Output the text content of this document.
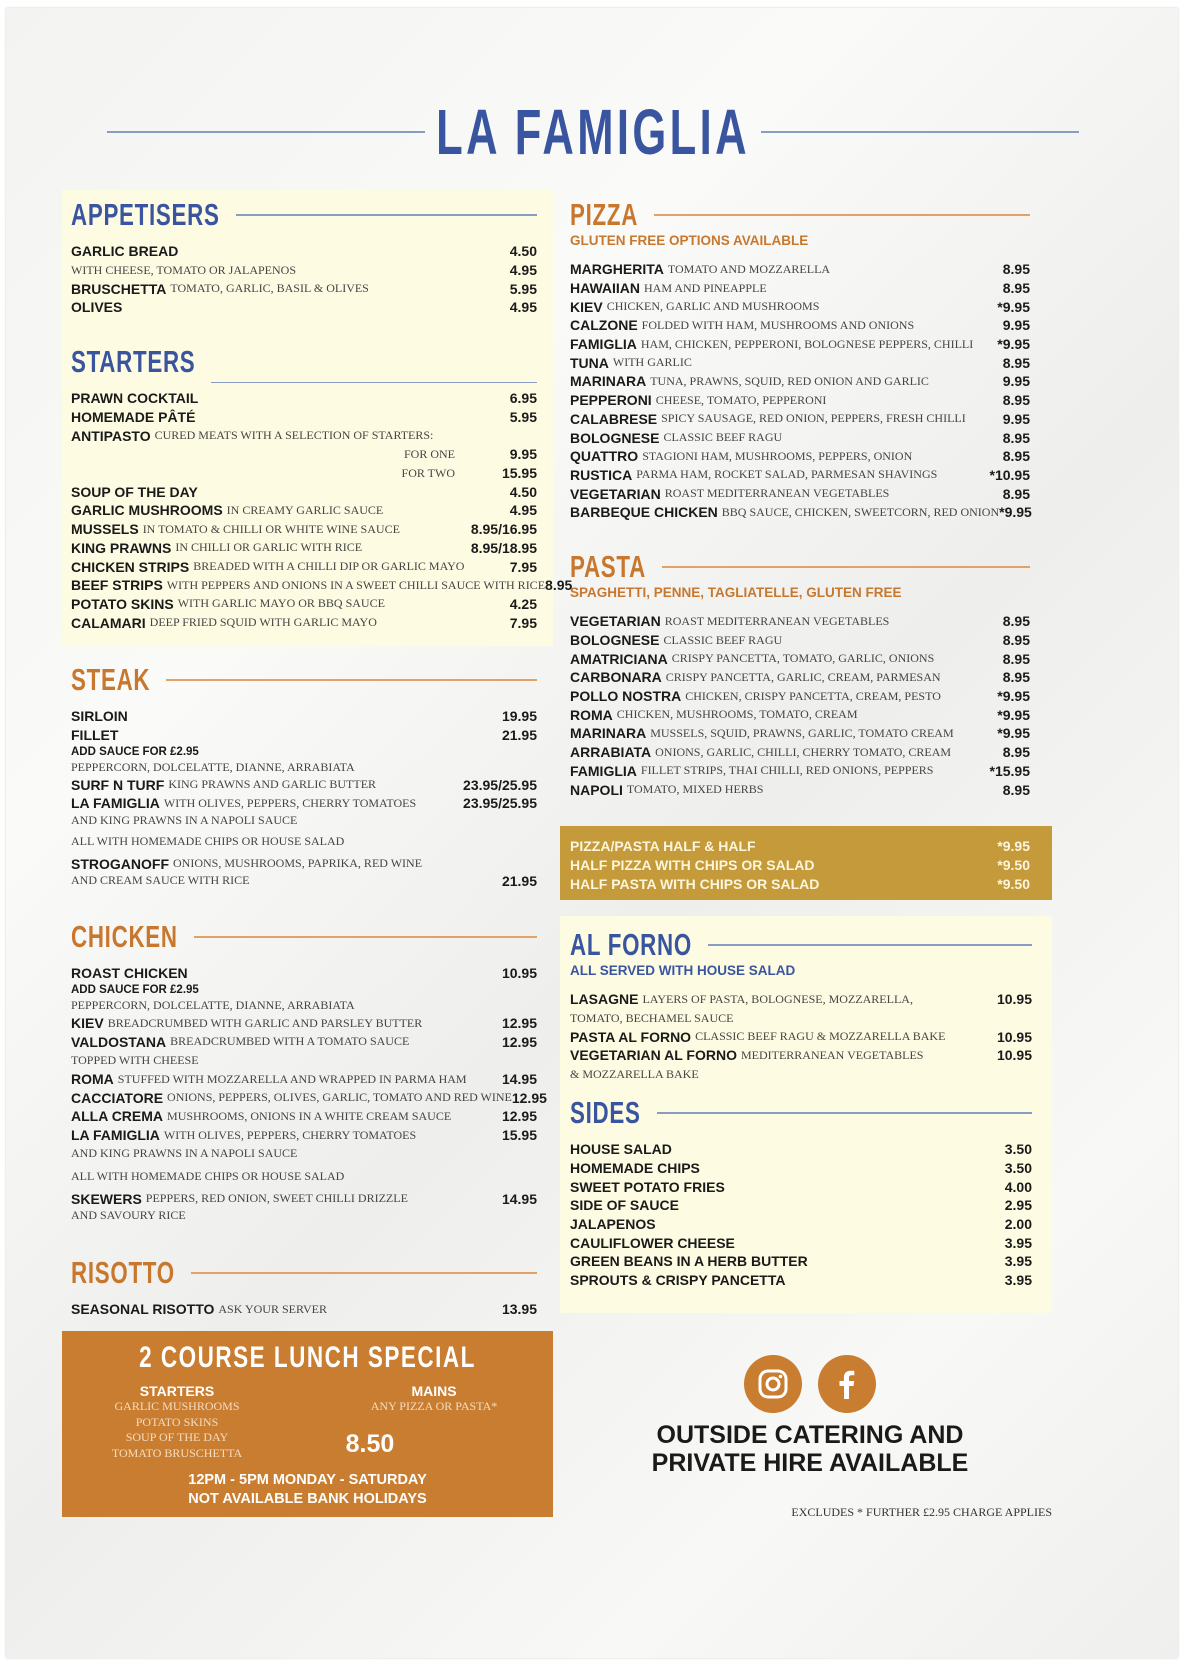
LA FAMIGLIA
APPETISERS
GARLIC BREAD	4.50
WITH CHEESE, TOMATO OR JALAPENOS	4.95
BRUSCHETTA TOMATO, GARLIC, BASIL & OLIVES	5.95
OLIVES	4.95
STARTERS
PRAWN COCKTAIL	6.95
HOMEMADE PÂTÉ	5.95
ANTIPASTO CURED MEATS WITH A SELECTION OF STARTERS:
FOR ONE	9.95
FOR TWO	15.95
SOUP OF THE DAY	4.50
GARLIC MUSHROOMS IN CREAMY GARLIC SAUCE	4.95
MUSSELS IN TOMATO & CHILLI OR WHITE WINE SAUCE	8.95/16.95
KING PRAWNS IN CHILLI OR GARLIC WITH RICE	8.95/18.95
CHICKEN STRIPS BREADED WITH A CHILLI DIP OR GARLIC MAYO	7.95
BEEF STRIPS WITH PEPPERS AND ONIONS IN A SWEET CHILLI SAUCE WITH RICE 8.95
POTATO SKINS WITH GARLIC MAYO OR BBQ SAUCE	4.25
CALAMARI DEEP FRIED SQUID WITH GARLIC MAYO	7.95
STEAK
SIRLOIN	19.95
FILLET	21.95
ADD SAUCE FOR £2.95
PEPPERCORN, DOLCELATTE, DIANNE, ARRABIATA
SURF N TURF KING PRAWNS AND GARLIC BUTTER	23.95/25.95
LA FAMIGLIA WITH OLIVES, PEPPERS, CHERRY TOMATOES	23.95/25.95
AND KING PRAWNS IN A NAPOLI SAUCE
ALL WITH HOMEMADE CHIPS OR HOUSE SALAD
STROGANOFF ONIONS, MUSHROOMS, PAPRIKA, RED WINE
AND CREAM SAUCE WITH RICE	21.95
CHICKEN
ROAST CHICKEN	10.95
ADD SAUCE FOR £2.95
PEPPERCORN, DOLCELATTE, DIANNE, ARRABIATA
KIEV BREADCRUMBED WITH GARLIC AND PARSLEY BUTTER	12.95
VALDOSTANA BREADCRUMBED WITH A TOMATO SAUCE	12.95
TOPPED WITH CHEESE
ROMA STUFFED WITH MOZZARELLA AND WRAPPED IN PARMA HAM	14.95
CACCIATORE ONIONS, PEPPERS, OLIVES, GARLIC, TOMATO AND RED WINE 12.95
ALLA CREMA MUSHROOMS, ONIONS IN A WHITE CREAM SAUCE	12.95
LA FAMIGLIA WITH OLIVES, PEPPERS, CHERRY TOMATOES	15.95
AND KING PRAWNS IN A NAPOLI SAUCE
ALL WITH HOMEMADE CHIPS OR HOUSE SALAD
SKEWERS PEPPERS, RED ONION, SWEET CHILLI DRIZZLE	14.95
AND SAVOURY RICE
RISOTTO
SEASONAL RISOTTO ASK YOUR SERVER	13.95
PIZZA
GLUTEN FREE OPTIONS AVAILABLE
MARGHERITA TOMATO AND MOZZARELLA	8.95
HAWAIIAN HAM AND PINEAPPLE	8.95
KIEV CHICKEN, GARLIC AND MUSHROOMS	*9.95
CALZONE FOLDED WITH HAM, MUSHROOMS AND ONIONS	9.95
FAMIGLIA HAM, CHICKEN, PEPPERONI, BOLOGNESE PEPPERS, CHILLI *9.95
TUNA WITH GARLIC	8.95
MARINARA TUNA, PRAWNS, SQUID, RED ONION AND GARLIC	9.95
PEPPERONI CHEESE, TOMATO, PEPPERONI	8.95
CALABRESE SPICY SAUSAGE, RED ONION, PEPPERS, FRESH CHILLI	9.95
BOLOGNESE CLASSIC BEEF RAGU	8.95
QUATTRO STAGIONI HAM, MUSHROOMS, PEPPERS, ONION	8.95
RUSTICA PARMA HAM, ROCKET SALAD, PARMESAN SHAVINGS	*10.95
VEGETARIAN ROAST MEDITERRANEAN VEGETABLES	8.95
BARBEQUE CHICKEN BBQ SAUCE, CHICKEN, SWEETCORN, RED ONION *9.95
PASTA
SPAGHETTI, PENNE, TAGLIATELLE, GLUTEN FREE
VEGETARIAN ROAST MEDITERRANEAN VEGETABLES	8.95
BOLOGNESE CLASSIC BEEF RAGU	8.95
AMATRICIANA CRISPY PANCETTA, TOMATO, GARLIC, ONIONS	8.95
CARBONARA CRISPY PANCETTA, GARLIC, CREAM, PARMESAN	8.95
POLLO NOSTRA CHICKEN, CRISPY PANCETTA, CREAM, PESTO	*9.95
ROMA CHICKEN, MUSHROOMS, TOMATO, CREAM	*9.95
MARINARA MUSSELS, SQUID, PRAWNS, GARLIC, TOMATO CREAM	*9.95
ARRABIATA ONIONS, GARLIC, CHILLI, CHERRY TOMATO, CREAM	8.95
FAMIGLIA FILLET STRIPS, THAI CHILLI, RED ONIONS, PEPPERS	*15.95
NAPOLI TOMATO, MIXED HERBS	8.95
PIZZA/PASTA HALF & HALF	*9.95
HALF PIZZA WITH CHIPS OR SALAD	*9.50
HALF PASTA WITH CHIPS OR SALAD	*9.50
AL FORNO
ALL SERVED WITH HOUSE SALAD
LASAGNE LAYERS OF PASTA, BOLOGNESE, MOZZARELLA,	10.95
TOMATO, BECHAMEL SAUCE
PASTA AL FORNO CLASSIC BEEF RAGU & MOZZARELLA BAKE	10.95
VEGETARIAN AL FORNO MEDITERRANEAN VEGETABLES	10.95
& MOZZARELLA BAKE
SIDES
HOUSE SALAD	3.50
HOMEMADE CHIPS	3.50
SWEET POTATO FRIES	4.00
SIDE OF SAUCE	2.95
JALAPENOS	2.00
CAULIFLOWER CHEESE	3.95
GREEN BEANS IN A HERB BUTTER	3.95
SPROUTS & CRISPY PANCETTA	3.95
2 COURSE LUNCH SPECIAL
STARTERS
GARLIC MUSHROOMS
POTATO SKINS
SOUP OF THE DAY
TOMATO BRUSCHETTA
MAINS
ANY PIZZA OR PASTA*
12PM - 5PM MONDAY - SATURDAY
NOT AVAILABLE BANK HOLIDAYS
8.50	OUTSIDE CATERING AND
PRIVATE HIRE AVAILABLE
EXCLUDES * FURTHER £2.95 CHARGE APPLIES
